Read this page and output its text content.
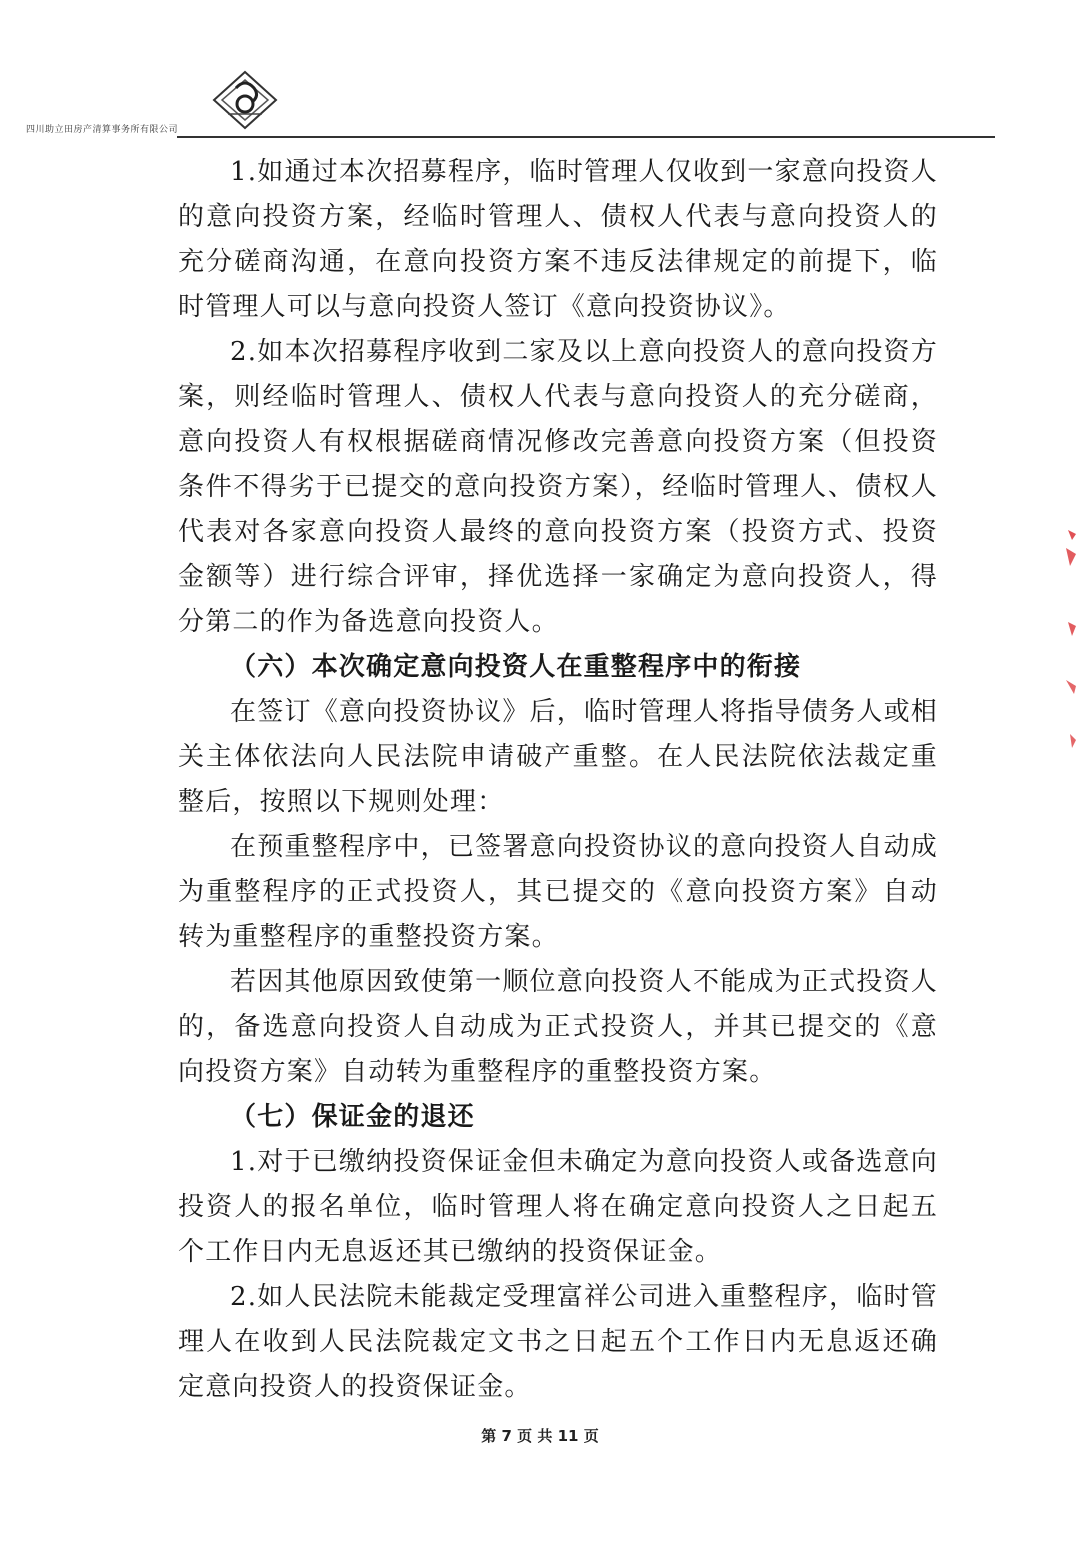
四川助立田房产清算事务所有限公司

1.如通过本次招募程序，临时管理人仅收到一家意向投资人的意向投资方案，经临时管理人、债权人代表与意向投资人的充分磋商沟通，在意向投资方案不违反法律规定的前提下，临时管理人可以与意向投资人签订《意向投资协议》。

2.如本次招募程序收到二家及以上意向投资人的意向投资方案，则经临时管理人、债权人代表与意向投资人的充分磋商，意向投资人有权根据磋商情况修改完善意向投资方案（但投资条件不得劣于已提交的意向投资方案），经临时管理人、债权人代表对各家意向投资人最终的意向投资方案（投资方式、投资金额等）进行综合评审，择优选择一家确定为意向投资人，得分第二的作为备选意向投资人。

（六）本次确定意向投资人在重整程序中的衔接

在签订《意向投资协议》后，临时管理人将指导债务人或相关主体依法向人民法院申请破产重整。在人民法院依法裁定重整后，按照以下规则处理：

在预重整程序中，已签署意向投资协议的意向投资人自动成为重整程序的正式投资人，其已提交的《意向投资方案》自动转为重整程序的重整投资方案。

若因其他原因致使第一顺位意向投资人不能成为正式投资人的，备选意向投资人自动成为正式投资人，并其已提交的《意向投资方案》自动转为重整程序的重整投资方案。

（七）保证金的退还

1.对于已缴纳投资保证金但未确定为意向投资人或备选意向投资人的报名单位，临时管理人将在确定意向投资人之日起五个工作日内无息返还其已缴纳的投资保证金。

2.如人民法院未能裁定受理富祥公司进入重整程序，临时管理人在收到人民法院裁定文书之日起五个工作日内无息返还确定意向投资人的投资保证金。

第 7 页 共 11 页
